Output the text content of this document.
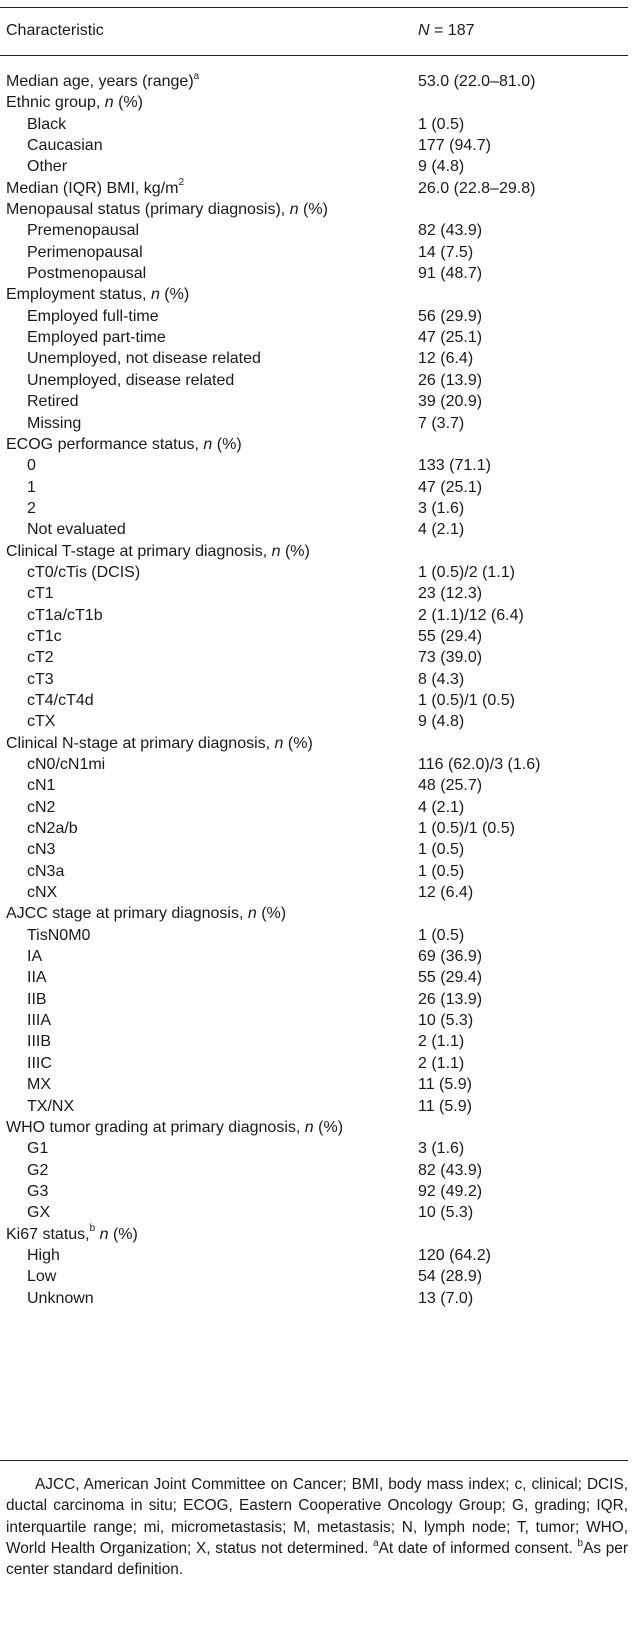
Characteristic	N = 187
Median age, years (range)$^a$	53.0 (22.0–81.0)
Ethnic group, n (%)
Black	1 (0.5)
Caucasian	177 (94.7)
Other	9 (4.8)
Median (IQR) BMI, $kg/m^2$	26.0 (22.8–29.8)
Menopausal status (primary diagnosis), n (%)
Premenopausal	82 (43.9)
Perimenopausal	14 (7.5)
Postmenopausal	91 (48.7)
Employment status, n (%)
Employed full-time	56 (29.9)
Employed part-time	47 (25.1)
Unemployed, not disease related	12 (6.4)
Unemployed, disease related	26 (13.9)
Retired	39 (20.9)
Missing	7 (3.7)
ECOG performance status, n (%)
0	133 (71.1)
1	47 (25.1)
2	3 (1.6)
Not evaluated	4 (2.1)
Clinical T-stage at primary diagnosis, n (%)
cT0/cTis (DCIS)	1 (0.5)/2 (1.1)
cT1	23 (12.3)
cT1a/cT1b	2 (1.1)/12 (6.4)
cT1c	55 (29.4)
cT2	73 (39.0)
cT3	8 (4.3)
cT4/cT4d	1 (0.5)/1 (0.5)
cTX	9 (4.8)
Clinical N-stage at primary diagnosis, n (%)
cN0/cN1mi	116 (62.0)/3 (1.6)
cN1	48 (25.7)
cN2	4 (2.1)
cN2a/b	1 (0.5)/1 (0.5)
cN3	1 (0.5)
cN3a	1 (0.5)
cNX	12 (6.4)
AJCC stage at primary diagnosis, n (%)
TisN0M0	1 (0.5)
IA	69 (36.9)
IIA	55 (29.4)
IIB	26 (13.9)
IIIA	10 (5.3)
IIIB	2 (1.1)
IIIC	2 (1.1)
MX	11 (5.9)
TX/NX	11 (5.9)
WHO tumor grading at primary diagnosis, n (%)
G1	3 (1.6)
G2	82 (43.9)
G3	92 (49.2)
GX	10 (5.3)
Ki67 status,$^b$ n (%)
High	120 (64.2)
Low	54 (28.9)
Unknown	13 (7.0)
AJCC, American Joint Committee on Cancer; BMI, body mass index; c, clinical; DCIS, ductal carcinoma in situ; ECOG, Eastern Cooperative Oncology Group; G, grading; IQR, interquartile range; mi, micrometastasis; M, metastasis; N, lymph node; T, tumor; WHO, World Health Organization; X, status not determined. $^a$At date of informed consent. $^b$As per center standard definition.
